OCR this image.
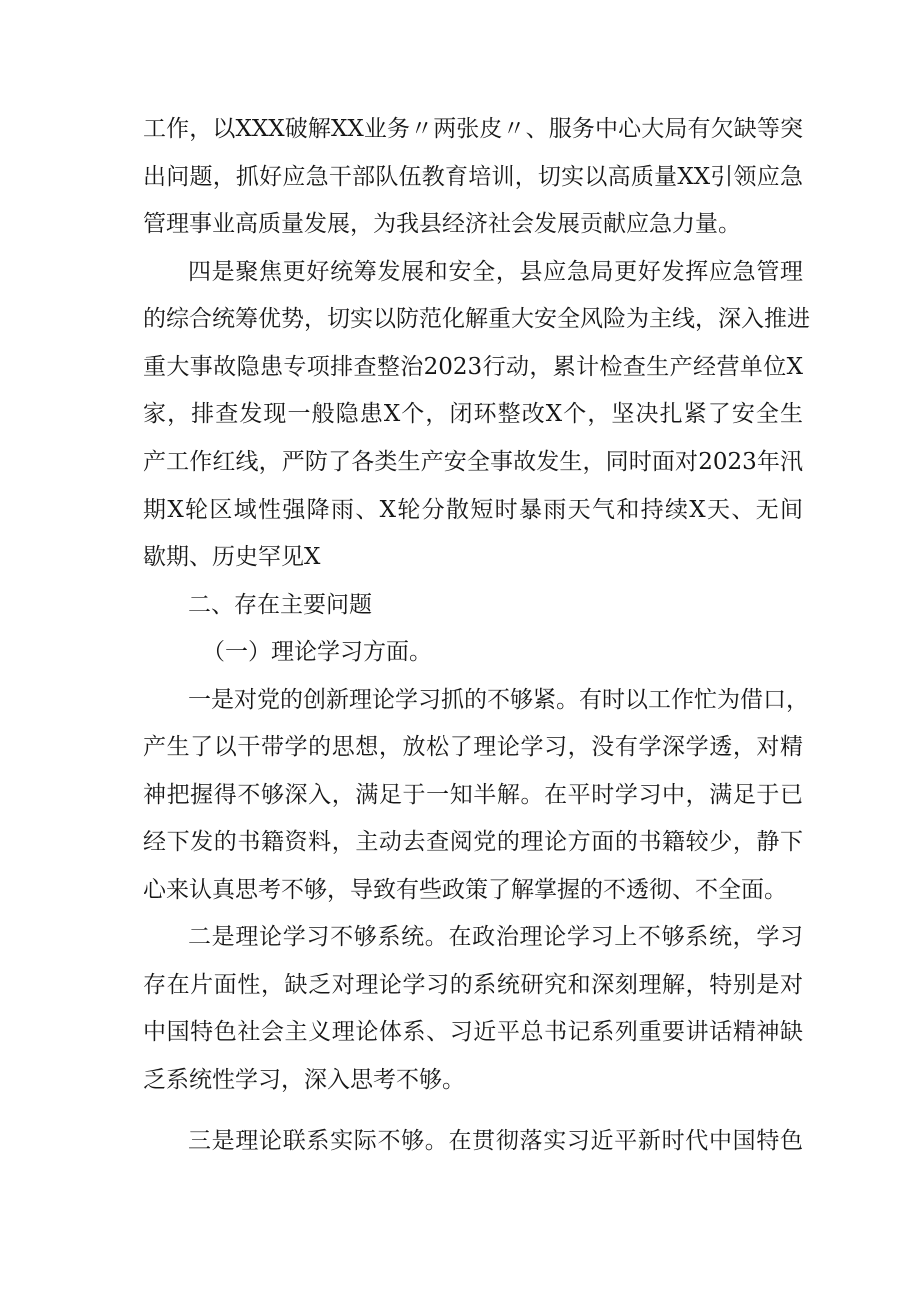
工作，以XXX破解XX业务〃两张皮〃、服务中心大局有欠缺等突
出问题，抓好应急干部队伍教育培训，切实以高质量XX引领应急
管理事业高质量发展，为我县经济社会发展贡献应急力量。
四是聚焦更好统筹发展和安全，县应急局更好发挥应急管理
的综合统筹优势，切实以防范化解重大安全风险为主线，深入推进
重大事故隐患专项排查整治2023行动，累计检查生产经营单位X
家，排查发现一般隐患X个，闭环整改X个，坚决扎紧了安全生
产工作红线，严防了各类生产安全事故发生，同时面对2023年汛
期X轮区域性强降雨、X轮分散短时暴雨天气和持续X天、无间
歇期、历史罕见X
二、存在主要问题
（一）理论学习方面。
一是对党的创新理论学习抓的不够紧。有时以工作忙为借口，
产生了以干带学的思想，放松了理论学习，没有学深学透，对精
神把握得不够深入，满足于一知半解。在平时学习中，满足于已
经下发的书籍资料，主动去查阅党的理论方面的书籍较少，静下
心来认真思考不够，导致有些政策了解掌握的不透彻、不全面。
二是理论学习不够系统。在政治理论学习上不够系统，学习
存在片面性，缺乏对理论学习的系统研究和深刻理解，特别是对
中国特色社会主义理论体系、习近平总书记系列重要讲话精神缺
乏系统性学习，深入思考不够。
三是理论联系实际不够。在贯彻落实习近平新时代中国特色
